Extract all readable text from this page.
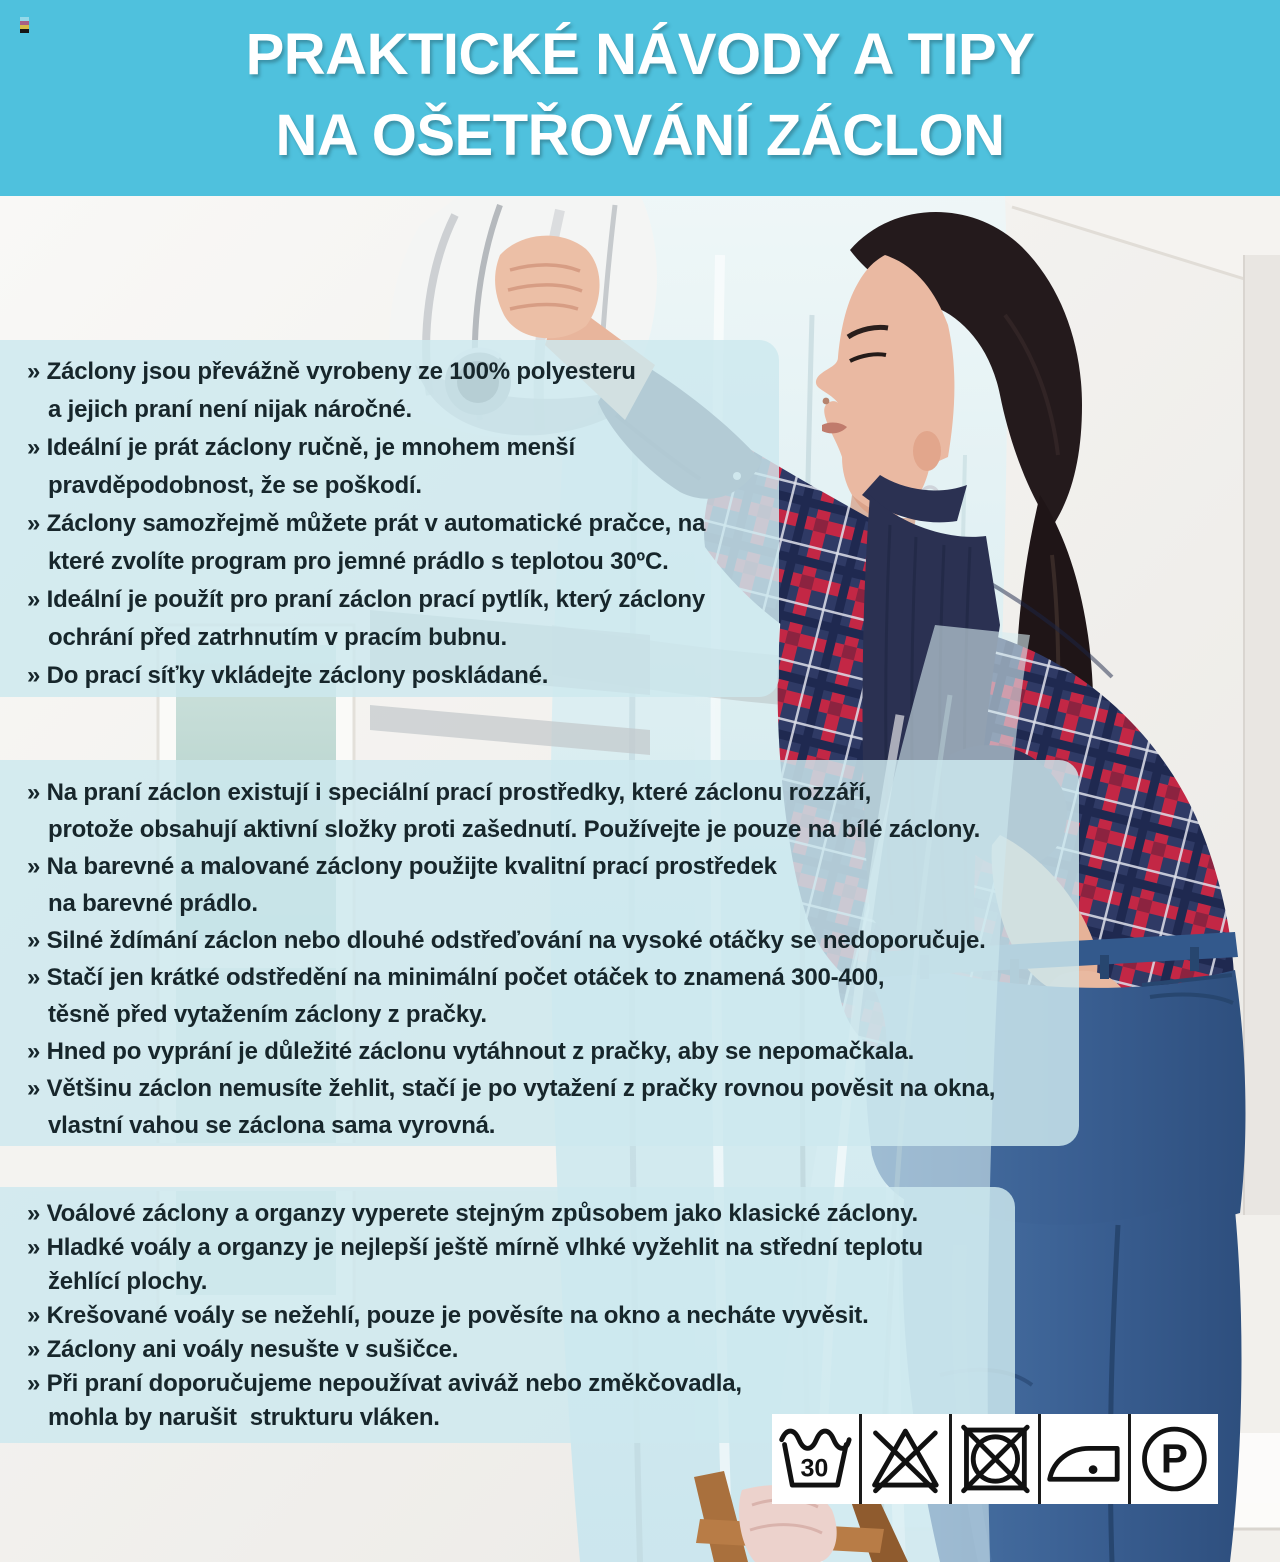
PRAKTICKÉ NÁVODY A TIPY
NA OŠETŘOVÁNÍ ZÁCLON

» Záclony jsou převážně vyrobeny ze 100% polyesteru

a jejich praní není nijak náročné.

» Ideální je prát záclony ručně, je mnohem menší

pravděpodobnost, že se poškodí.

» Záclony samozřejmě můžete prát v automatické pračce, na

které zvolíte program pro jemné prádlo s teplotou 30ºC.

» Ideální je použít pro praní záclon prací pytlík, který záclony

ochrání před zatrhnutím v pracím bubnu.

» Do prací síťky vkládejte záclony poskládané.

» Na praní záclon existují i speciální prací prostředky, které záclonu rozzáří,

protože obsahují aktivní složky proti zašednutí. Používejte je pouze na bílé záclony.

» Na barevné a malované záclony použijte kvalitní prací prostředek

na barevné prádlo.

» Silné ždímání záclon nebo dlouhé odstřeďování na vysoké otáčky se nedoporučuje.

» Stačí jen krátké odstředění na minimální počet otáček to znamená 300-400,

těsně před vytažením záclony z pračky.

» Hned po vyprání je důležité záclonu vytáhnout z pračky, aby se nepomačkala.

» Většinu záclon nemusíte žehlit, stačí je po vytažení z pračky rovnou pověsit na okna,

vlastní vahou se záclona sama vyrovná.

» Voálové záclony a organzy vyperete stejným způsobem jako klasické záclony.

» Hladké voály a organzy je nejlepší ještě mírně vlhké vyžehlit na střední teplotu

žehlící plochy.

» Krešované voály se nežehlí, pouze je pověsíte na okno a necháte vyvěsit.

» Záclony ani voály nesušte v sušičce.

» Při praní doporučujeme nepoužívat aviváž nebo změkčovadla,

mohla by narušit  strukturu vláken.

30	P
